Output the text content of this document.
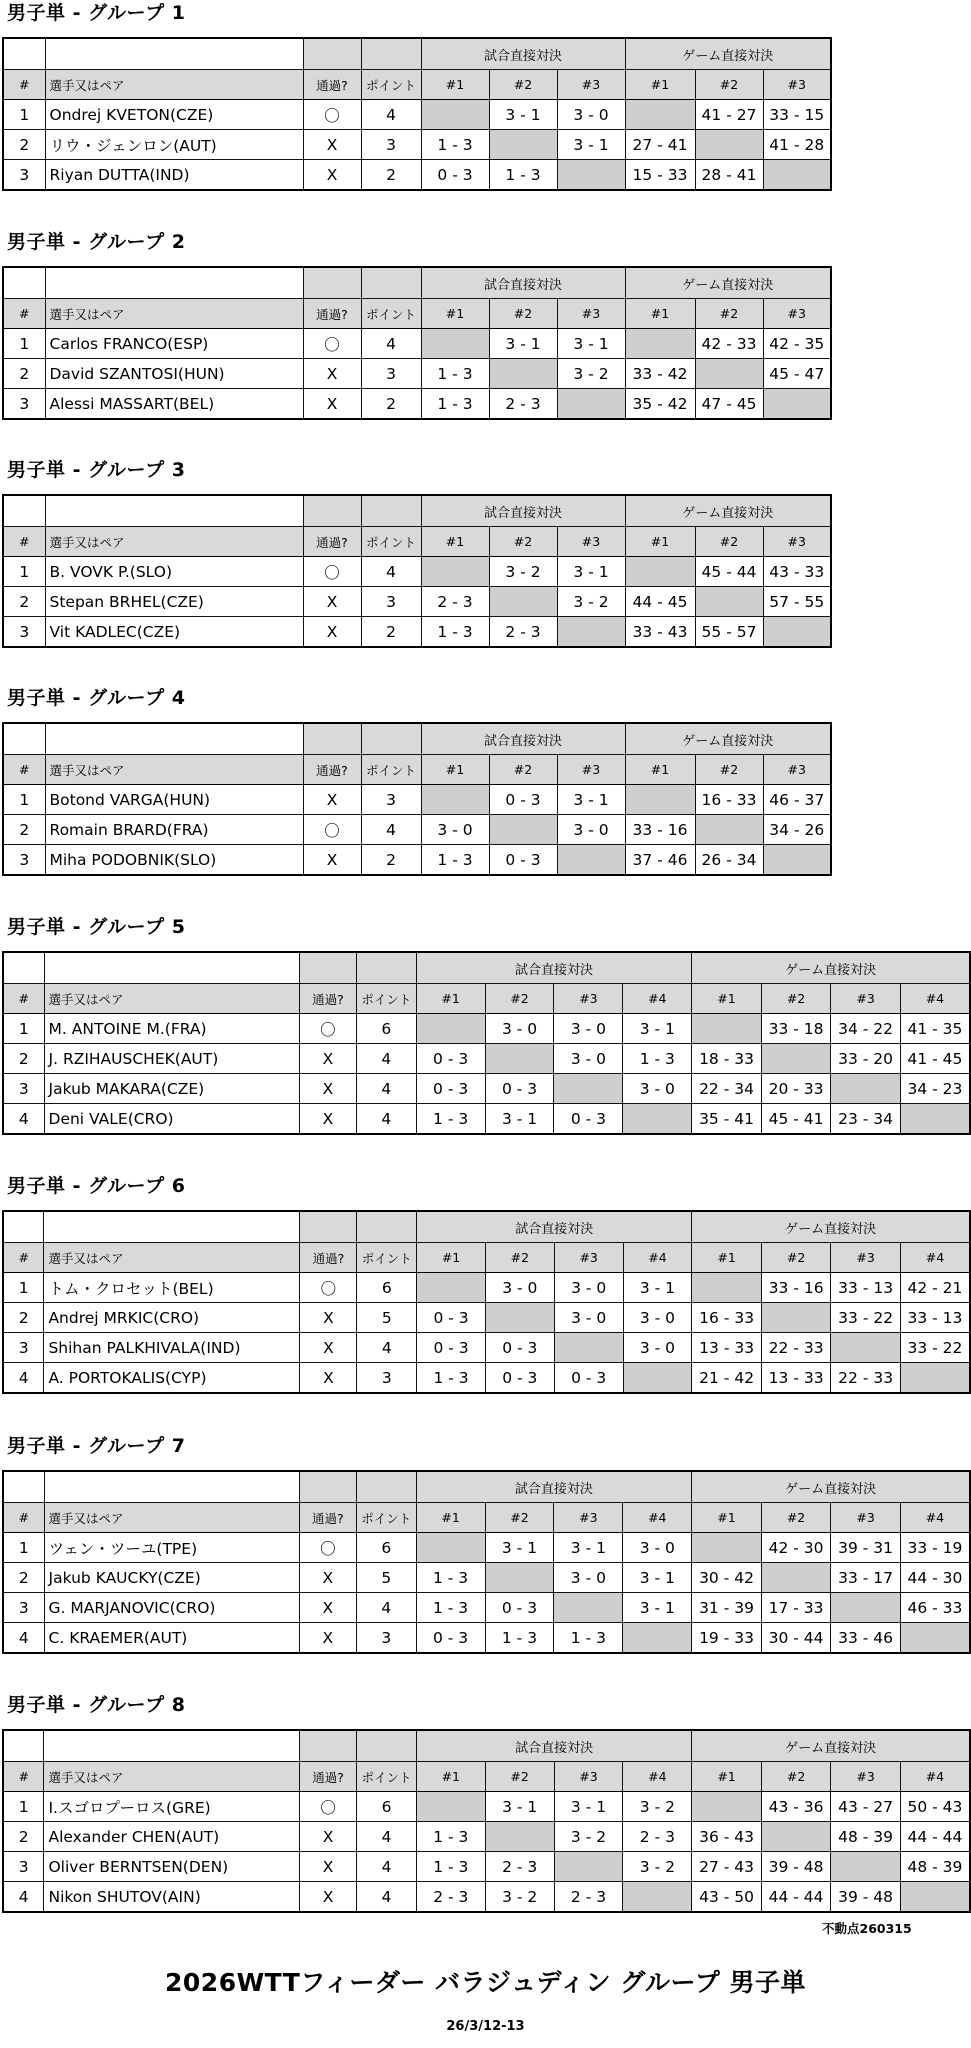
男子単 - グループ 1
				試合直接対決			ゲーム直接対決		
#	選手又はペア	通過?	ポイント	#1	#2	#3	#1	#2	#3
1	Ondrej KVETON(CZE)	〇	4		3 - 1	3 - 0		41 - 27	33 - 15
2	リウ・ジェンロン(AUT)	X	3	1 - 3		3 - 1	27 - 41		41 - 28
3	Riyan DUTTA(IND)	X	2	0 - 3	1 - 3		15 - 33	28 - 41	
男子単 - グループ 2
				試合直接対決			ゲーム直接対決		
#	選手又はペア	通過?	ポイント	#1	#2	#3	#1	#2	#3
1	Carlos FRANCO(ESP)	〇	4		3 - 1	3 - 1		42 - 33	42 - 35
2	David SZANTOSI(HUN)	X	3	1 - 3		3 - 2	33 - 42		45 - 47
3	Alessi MASSART(BEL)	X	2	1 - 3	2 - 3		35 - 42	47 - 45	
男子単 - グループ 3
				試合直接対決			ゲーム直接対決		
#	選手又はペア	通過?	ポイント	#1	#2	#3	#1	#2	#3
1	B. VOVK P.(SLO)	〇	4		3 - 2	3 - 1		45 - 44	43 - 33
2	Stepan BRHEL(CZE)	X	3	2 - 3		3 - 2	44 - 45		57 - 55
3	Vit KADLEC(CZE)	X	2	1 - 3	2 - 3		33 - 43	55 - 57	
男子単 - グループ 4
				試合直接対決			ゲーム直接対決		
#	選手又はペア	通過?	ポイント	#1	#2	#3	#1	#2	#3
1	Botond VARGA(HUN)	X	3		0 - 3	3 - 1		16 - 33	46 - 37
2	Romain BRARD(FRA)	〇	4	3 - 0		3 - 0	33 - 16		34 - 26
3	Miha PODOBNIK(SLO)	X	2	1 - 3	0 - 3		37 - 46	26 - 34	
男子単 - グループ 5
				試合直接対決				ゲーム直接対決			
#	選手又はペア	通過?	ポイント	#1	#2	#3	#4	#1	#2	#3	#4
1	M. ANTOINE M.(FRA)	〇	6		3 - 0	3 - 0	3 - 1		33 - 18	34 - 22	41 - 35
2	J. RZIHAUSCHEK(AUT)	X	4	0 - 3		3 - 0	1 - 3	18 - 33		33 - 20	41 - 45
3	Jakub MAKARA(CZE)	X	4	0 - 3	0 - 3		3 - 0	22 - 34	20 - 33		34 - 23
4	Deni VALE(CRO)	X	4	1 - 3	3 - 1	0 - 3		35 - 41	45 - 41	23 - 34	
男子単 - グループ 6
				試合直接対決				ゲーム直接対決			
#	選手又はペア	通過?	ポイント	#1	#2	#3	#4	#1	#2	#3	#4
1	トム・クロセット(BEL)	〇	6		3 - 0	3 - 0	3 - 1		33 - 16	33 - 13	42 - 21
2	Andrej MRKIC(CRO)	X	5	0 - 3		3 - 0	3 - 0	16 - 33		33 - 22	33 - 13
3	Shihan PALKHIVALA(IND)	X	4	0 - 3	0 - 3		3 - 0	13 - 33	22 - 33		33 - 22
4	A. PORTOKALIS(CYP)	X	3	1 - 3	0 - 3	0 - 3		21 - 42	13 - 33	22 - 33	
男子単 - グループ 7
				試合直接対決				ゲーム直接対決			
#	選手又はペア	通過?	ポイント	#1	#2	#3	#4	#1	#2	#3	#4
1	ツェン・ツーユ(TPE)	〇	6		3 - 1	3 - 1	3 - 0		42 - 30	39 - 31	33 - 19
2	Jakub KAUCKY(CZE)	X	5	1 - 3		3 - 0	3 - 1	30 - 42		33 - 17	44 - 30
3	G. MARJANOVIC(CRO)	X	4	1 - 3	0 - 3		3 - 1	31 - 39	17 - 33		46 - 33
4	C. KRAEMER(AUT)	X	3	0 - 3	1 - 3	1 - 3		19 - 33	30 - 44	33 - 46	
男子単 - グループ 8
				試合直接対決				ゲーム直接対決			
#	選手又はペア	通過?	ポイント	#1	#2	#3	#4	#1	#2	#3	#4
1	I.スゴロプーロス(GRE)	〇	6		3 - 1	3 - 1	3 - 2		43 - 36	43 - 27	50 - 43
2	Alexander CHEN(AUT)	X	4	1 - 3		3 - 2	2 - 3	36 - 43		48 - 39	44 - 44
3	Oliver BERNTSEN(DEN)	X	4	1 - 3	2 - 3		3 - 2	27 - 43	39 - 48		48 - 39
4	Nikon SHUTOV(AIN)	X	4	2 - 3	3 - 2	2 - 3		43 - 50	44 - 44	39 - 48	
不動点260315
2026WTTフィーダー バラジュディン グループ 男子単
26/3/12-13
